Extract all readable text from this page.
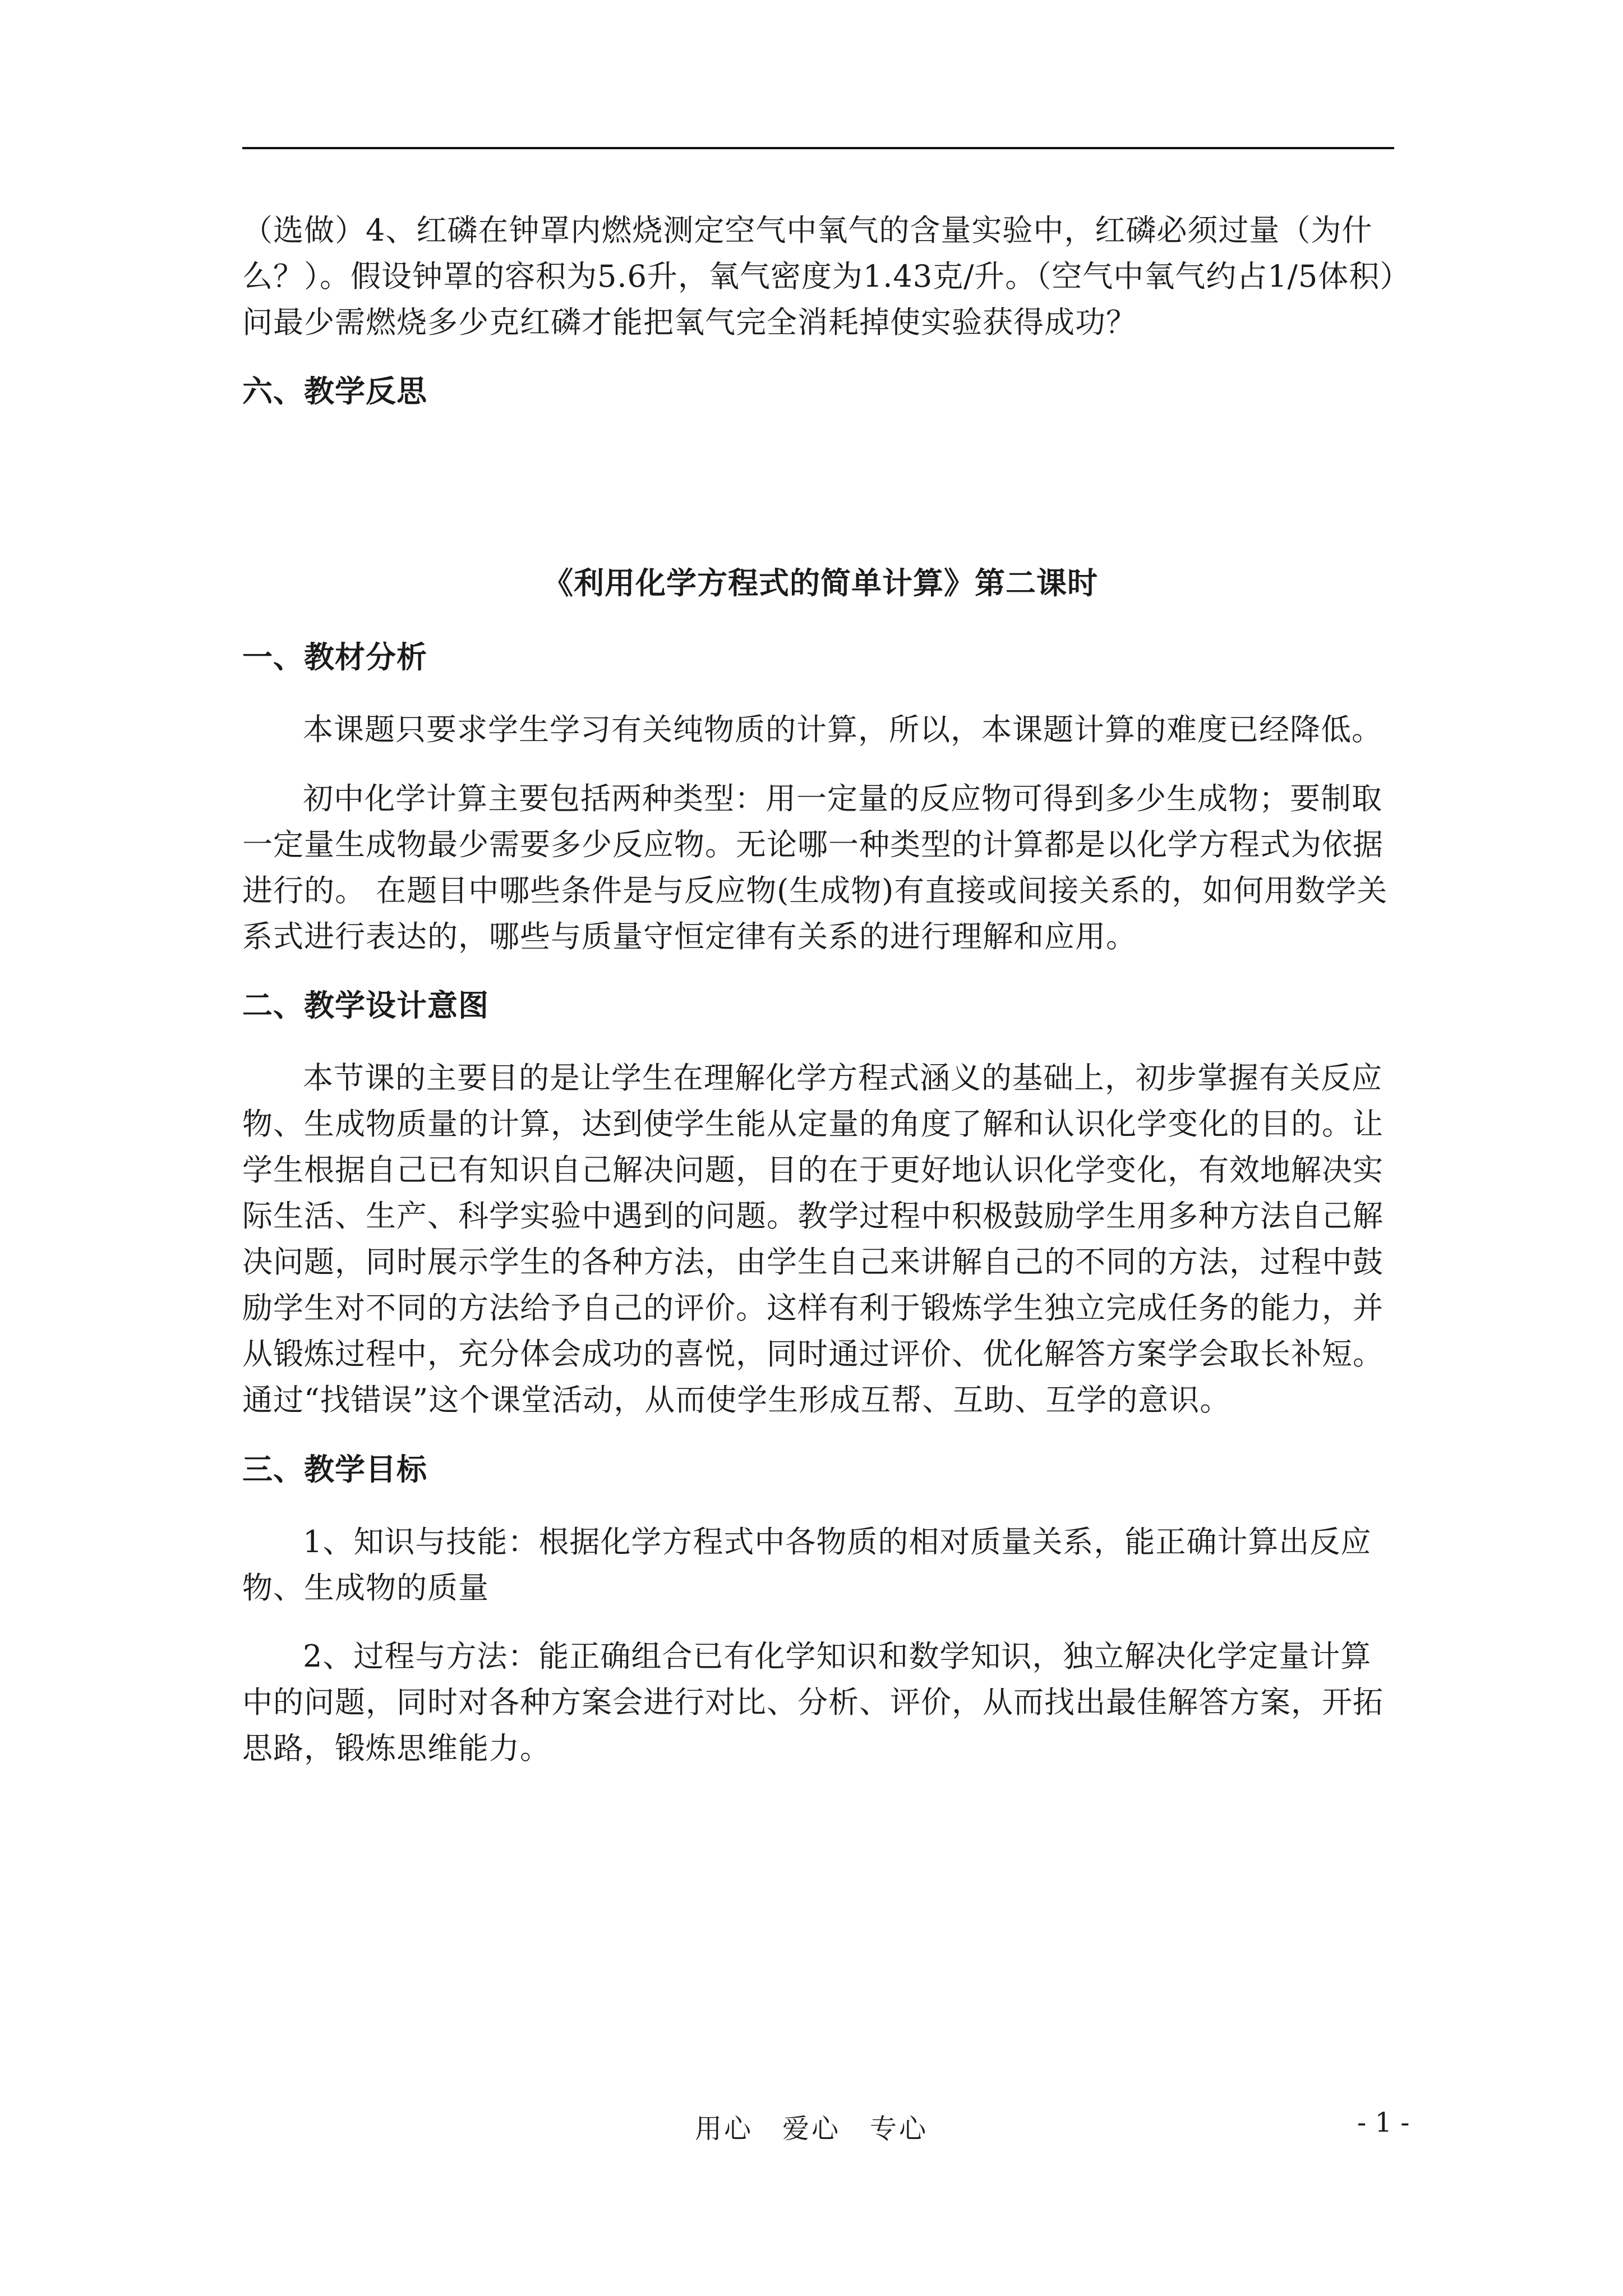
（选做）4、红磷在钟罩内燃烧测定空气中氧气的含量实验中，红磷必须过量（为什么？）。假设钟罩的容积为5.6升，氧气密度为1.43克/升。（空气中氧气约占1/5体积）问最少需燃烧多少克红磷才能把氧气完全消耗掉使实验获得成功？

六、教学反思

《利用化学方程式的简单计算》第二课时

一、教材分析

本课题只要求学生学习有关纯物质的计算，所以，本课题计算的难度已经降低。

初中化学计算主要包括两种类型：用一定量的反应物可得到多少生成物；要制取一定量生成物最少需要多少反应物。无论哪一种类型的计算都是以化学方程式为依据进行的。 在题目中哪些条件是与反应物(生成物)有直接或间接关系的，如何用数学关系式进行表达的，哪些与质量守恒定律有关系的进行理解和应用。

二、教学设计意图

本节课的主要目的是让学生在理解化学方程式涵义的基础上，初步掌握有关反应物、生成物质量的计算，达到使学生能从定量的角度了解和认识化学变化的目的。让学生根据自己已有知识自己解决问题，目的在于更好地认识化学变化，有效地解决实际生活、生产、科学实验中遇到的问题。教学过程中积极鼓励学生用多种方法自己解决问题，同时展示学生的各种方法，由学生自己来讲解自己的不同的方法，过程中鼓励学生对不同的方法给予自己的评价。这样有利于锻炼学生独立完成任务的能力，并从锻炼过程中，充分体会成功的喜悦，同时通过评价、优化解答方案学会取长补短。通过“找错误”这个课堂活动，从而使学生形成互帮、互助、互学的意识。

三、教学目标

1、知识与技能：根据化学方程式中各物质的相对质量关系，能正确计算出反应物、生成物的质量

2、过程与方法：能正确组合已有化学知识和数学知识，独立解决化学定量计算中的问题，同时对各种方案会进行对比、分析、评价，从而找出最佳解答方案，开拓思路，锻炼思维能力。

用心　爱心　专心	- 1 -
